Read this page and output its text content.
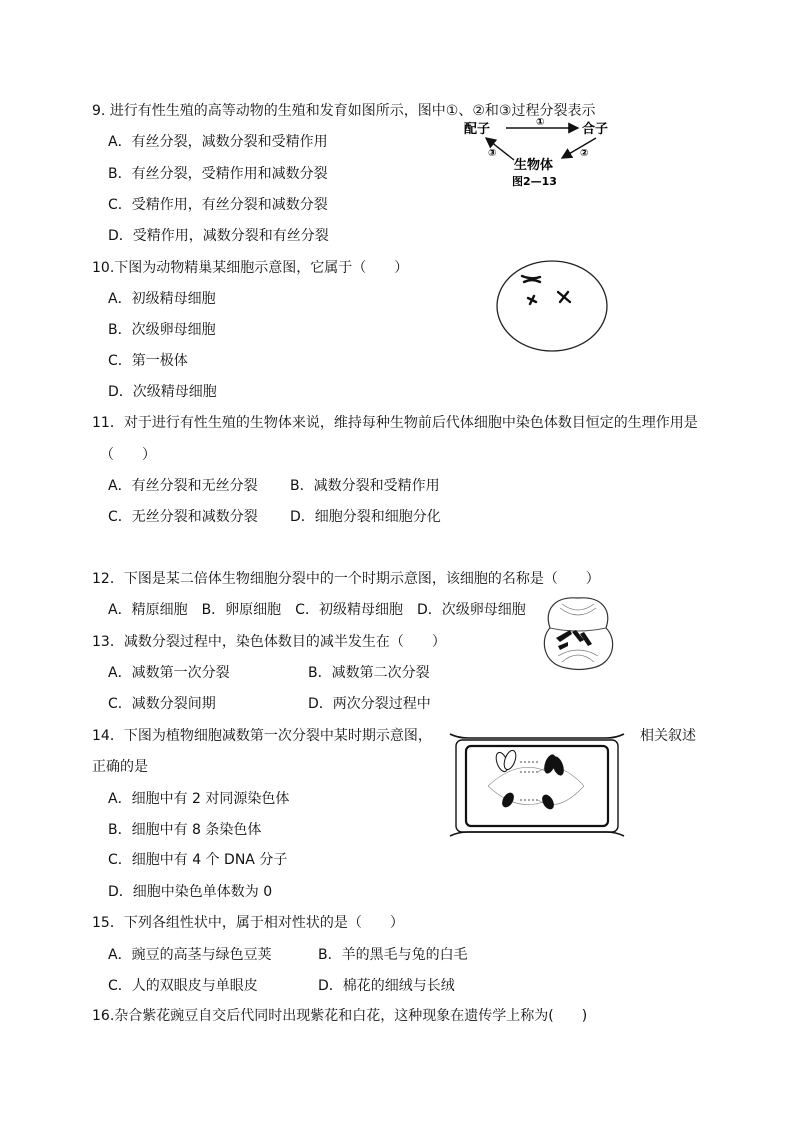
9. 进行有性生殖的高等动物的生殖和发育如图所示，图中①、②和③过程分裂表示
A．有丝分裂，减数分裂和受精作用
B．有丝分裂，受精作用和减数分裂
C．受精作用，有丝分裂和减数分裂
D．受精作用，减数分裂和有丝分裂
配子	合子
①
②
③
生物体
图2—13
10.下图为动物精巢某细胞示意图，它属于（　　）
A．初级精母细胞
B．次级卵母细胞
C．第一极体
D．次级精母细胞
11．对于进行有性生殖的生物体来说，维持每种生物前后代体细胞中染色体数目恒定的生理作用是
（　　）
A．有丝分裂和无丝分裂 B．减数分裂和受精作用
C．无丝分裂和减数分裂 D．细胞分裂和细胞分化
12．下图是某二倍体生物细胞分裂中的一个时期示意图，该细胞的名称是（　　）
A．精原细胞　B．卵原细胞　C．初级精母细胞　D．次级卵母细胞
13．减数分裂过程中，染色体数目的减半发生在（　　）
A．减数第一次分裂	B．减数第二次分裂
C．减数分裂间期	D．两次分裂过程中
14．下图为植物细胞减数第一次分裂中某时期示意图，	相关叙述
正确的是
A．细胞中有 2 对同源染色体
B．细胞中有 8 条染色体
C．细胞中有 4 个 DNA 分子
D．细胞中染色单体数为 0
15．下列各组性状中，属于相对性状的是（　　）
A．豌豆的高茎与绿色豆荚	B．羊的黑毛与兔的白毛
C．人的双眼皮与单眼皮	D．棉花的细绒与长绒
16.杂合紫花豌豆自交后代同时出现紫花和白花，这种现象在遗传学上称为(　　)
